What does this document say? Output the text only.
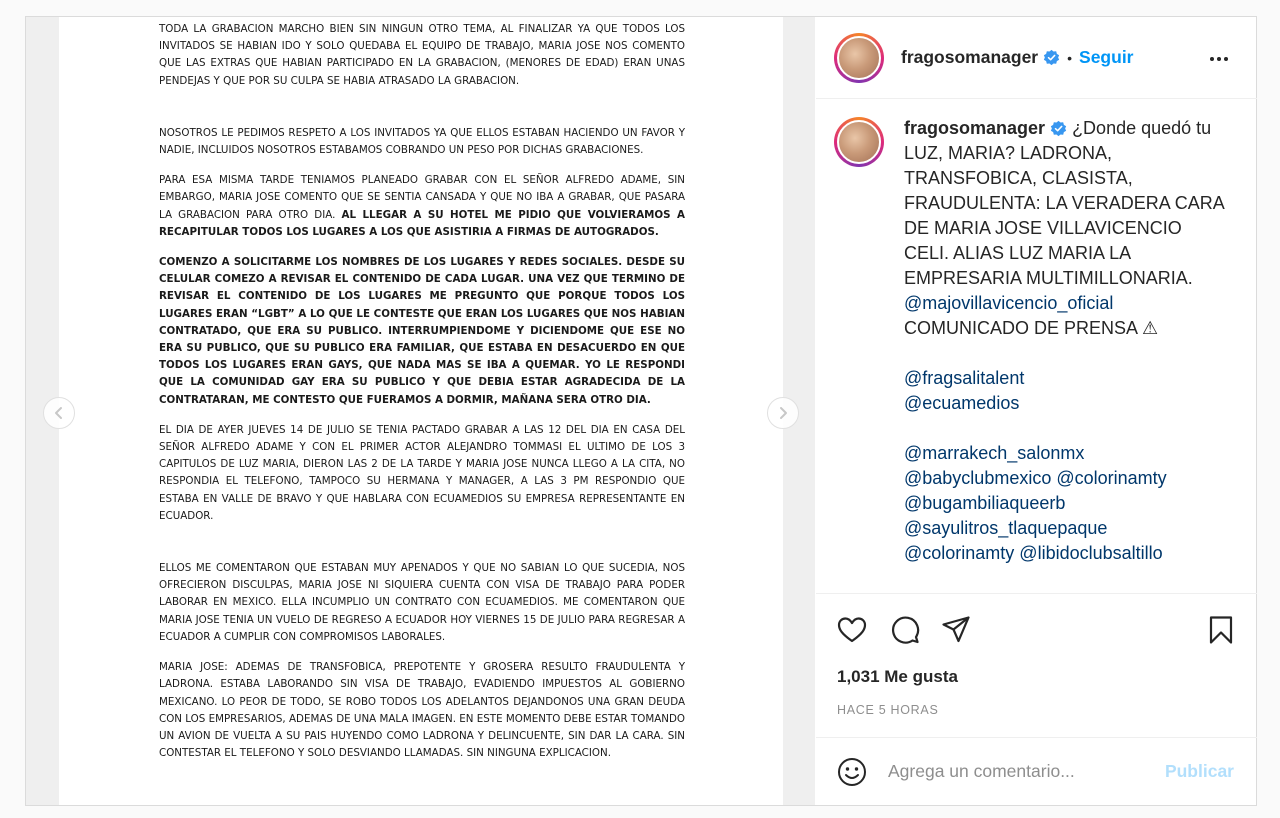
TODA LA GRABACION MARCHO BIEN SIN NINGUN OTRO TEMA, AL FINALIZAR YA QUE TODOS LOS INVITADOS SE HABIAN IDO Y SOLO QUEDABA EL EQUIPO DE TRABAJO, MARIA JOSE NOS COMENTO QUE LAS EXTRAS QUE HABIAN PARTICIPADO EN LA GRABACION, (MENORES DE EDAD) ERAN UNAS PENDEJAS Y QUE POR SU CULPA SE HABIA ATRASADO LA GRABACION.

NOSOTROS LE PEDIMOS RESPETO A LOS INVITADOS YA QUE ELLOS ESTABAN HACIENDO UN FAVOR Y NADIE, INCLUIDOS NOSOTROS ESTABAMOS COBRANDO UN PESO POR DICHAS GRABACIONES.

PARA ESA MISMA TARDE TENIAMOS PLANEADO GRABAR CON EL SEÑOR ALFREDO ADAME, SIN EMBARGO, MARIA JOSE COMENTO QUE SE SENTIA CANSADA Y QUE NO IBA A GRABAR, QUE PASARA LA GRABACION PARA OTRO DIA. AL LLEGAR A SU HOTEL ME PIDIO QUE VOLVIERAMOS A RECAPITULAR TODOS LOS LUGARES A LOS QUE ASISTIRIA A FIRMAS DE AUTOGRADOS.

COMENZO A SOLICITARME LOS NOMBRES DE LOS LUGARES Y REDES SOCIALES. DESDE SU CELULAR COMEZO A REVISAR EL CONTENIDO DE CADA LUGAR. UNA VEZ QUE TERMINO DE REVISAR EL CONTENIDO DE LOS LUGARES ME PREGUNTO QUE PORQUE TODOS LOS LUGARES ERAN “LGBT” A LO QUE LE CONTESTE QUE ERAN LOS LUGARES QUE NOS HABIAN CONTRATADO, QUE ERA SU PUBLICO. INTERRUMPIENDOME Y DICIENDOME QUE ESE NO ERA SU PUBLICO, QUE SU PUBLICO ERA FAMILIAR, QUE ESTABA EN DESACUERDO EN QUE TODOS LOS LUGARES ERAN GAYS, QUE NADA MAS SE IBA A QUEMAR. YO LE RESPONDI QUE LA COMUNIDAD GAY ERA SU PUBLICO Y QUE DEBIA ESTAR AGRADECIDA DE LA CONTRATARAN, ME CONTESTO QUE FUERAMOS A DORMIR, MAÑANA SERA OTRO DIA.

EL DIA DE AYER JUEVES 14 DE JULIO SE TENIA PACTADO GRABAR A LAS 12 DEL DIA EN CASA DEL SEÑOR ALFREDO ADAME Y CON EL PRIMER ACTOR ALEJANDRO TOMMASI EL ULTIMO DE LOS 3 CAPITULOS DE LUZ MARIA, DIERON LAS 2 DE LA TARDE Y MARIA JOSE NUNCA LLEGO A LA CITA, NO RESPONDIA EL TELEFONO, TAMPOCO SU HERMANA Y MANAGER, A LAS 3 PM RESPONDIO QUE ESTABA EN VALLE DE BRAVO Y QUE HABLARA CON ECUAMEDIOS SU EMPRESA REPRESENTANTE EN ECUADOR.

ELLOS ME COMENTARON QUE ESTABAN MUY APENADOS Y QUE NO SABIAN LO QUE SUCEDIA, NOS OFRECIERON DISCULPAS, MARIA JOSE NI SIQUIERA CUENTA CON VISA DE TRABAJO PARA PODER LABORAR EN MEXICO. ELLA INCUMPLIO UN CONTRATO CON ECUAMEDIOS. ME COMENTARON QUE MARIA JOSE TENIA UN VUELO DE REGRESO A ECUADOR HOY VIERNES 15 DE JULIO PARA REGRESAR A ECUADOR A CUMPLIR CON COMPROMISOS LABORALES.

MARIA JOSE: ADEMAS DE TRANSFOBICA, PREPOTENTE Y GROSERA RESULTO FRAUDULENTA Y LADRONA. ESTABA LABORANDO SIN VISA DE TRABAJO, EVADIENDO IMPUESTOS AL GOBIERNO MEXICANO. LO PEOR DE TODO, SE ROBO TODOS LOS ADELANTOS DEJANDONOS UNA GRAN DEUDA CON LOS EMPRESARIOS, ADEMAS DE UNA MALA IMAGEN. EN ESTE MOMENTO DEBE ESTAR TOMANDO UN AVION DE VUELTA A SU PAIS HUYENDO COMO LADRONA Y DELINCUENTE, SIN DAR LA CARA. SIN CONTESTAR EL TELEFONO Y SOLO DESVIANDO LLAMADAS. SIN NINGUNA EXPLICACION.

fragosomanager	• Seguir
fragosomanager ¿Donde quedó tu LUZ, MARIA? LADRONA, TRANSFOBICA, CLASISTA, FRAUDULENTA: LA VERADERA CARA DE MARIA JOSE VILLAVICENCIO CELI. ALIAS LUZ MARIA LA EMPRESARIA MULTIMILLONARIA.
@majovillavicencio_oficial
COMUNICADO DE PRENSA ⚠
@fragsalitalent
@ecuamedios
@marrakech_salonmx
@babyclubmexico @colorinamty
@bugambiliaqueerb
@sayulitros_tlaquepaque
@colorinamty @libidoclubsaltillo
1,031 Me gusta
HACE 5 HORAS
Agrega un comentario...
Publicar
